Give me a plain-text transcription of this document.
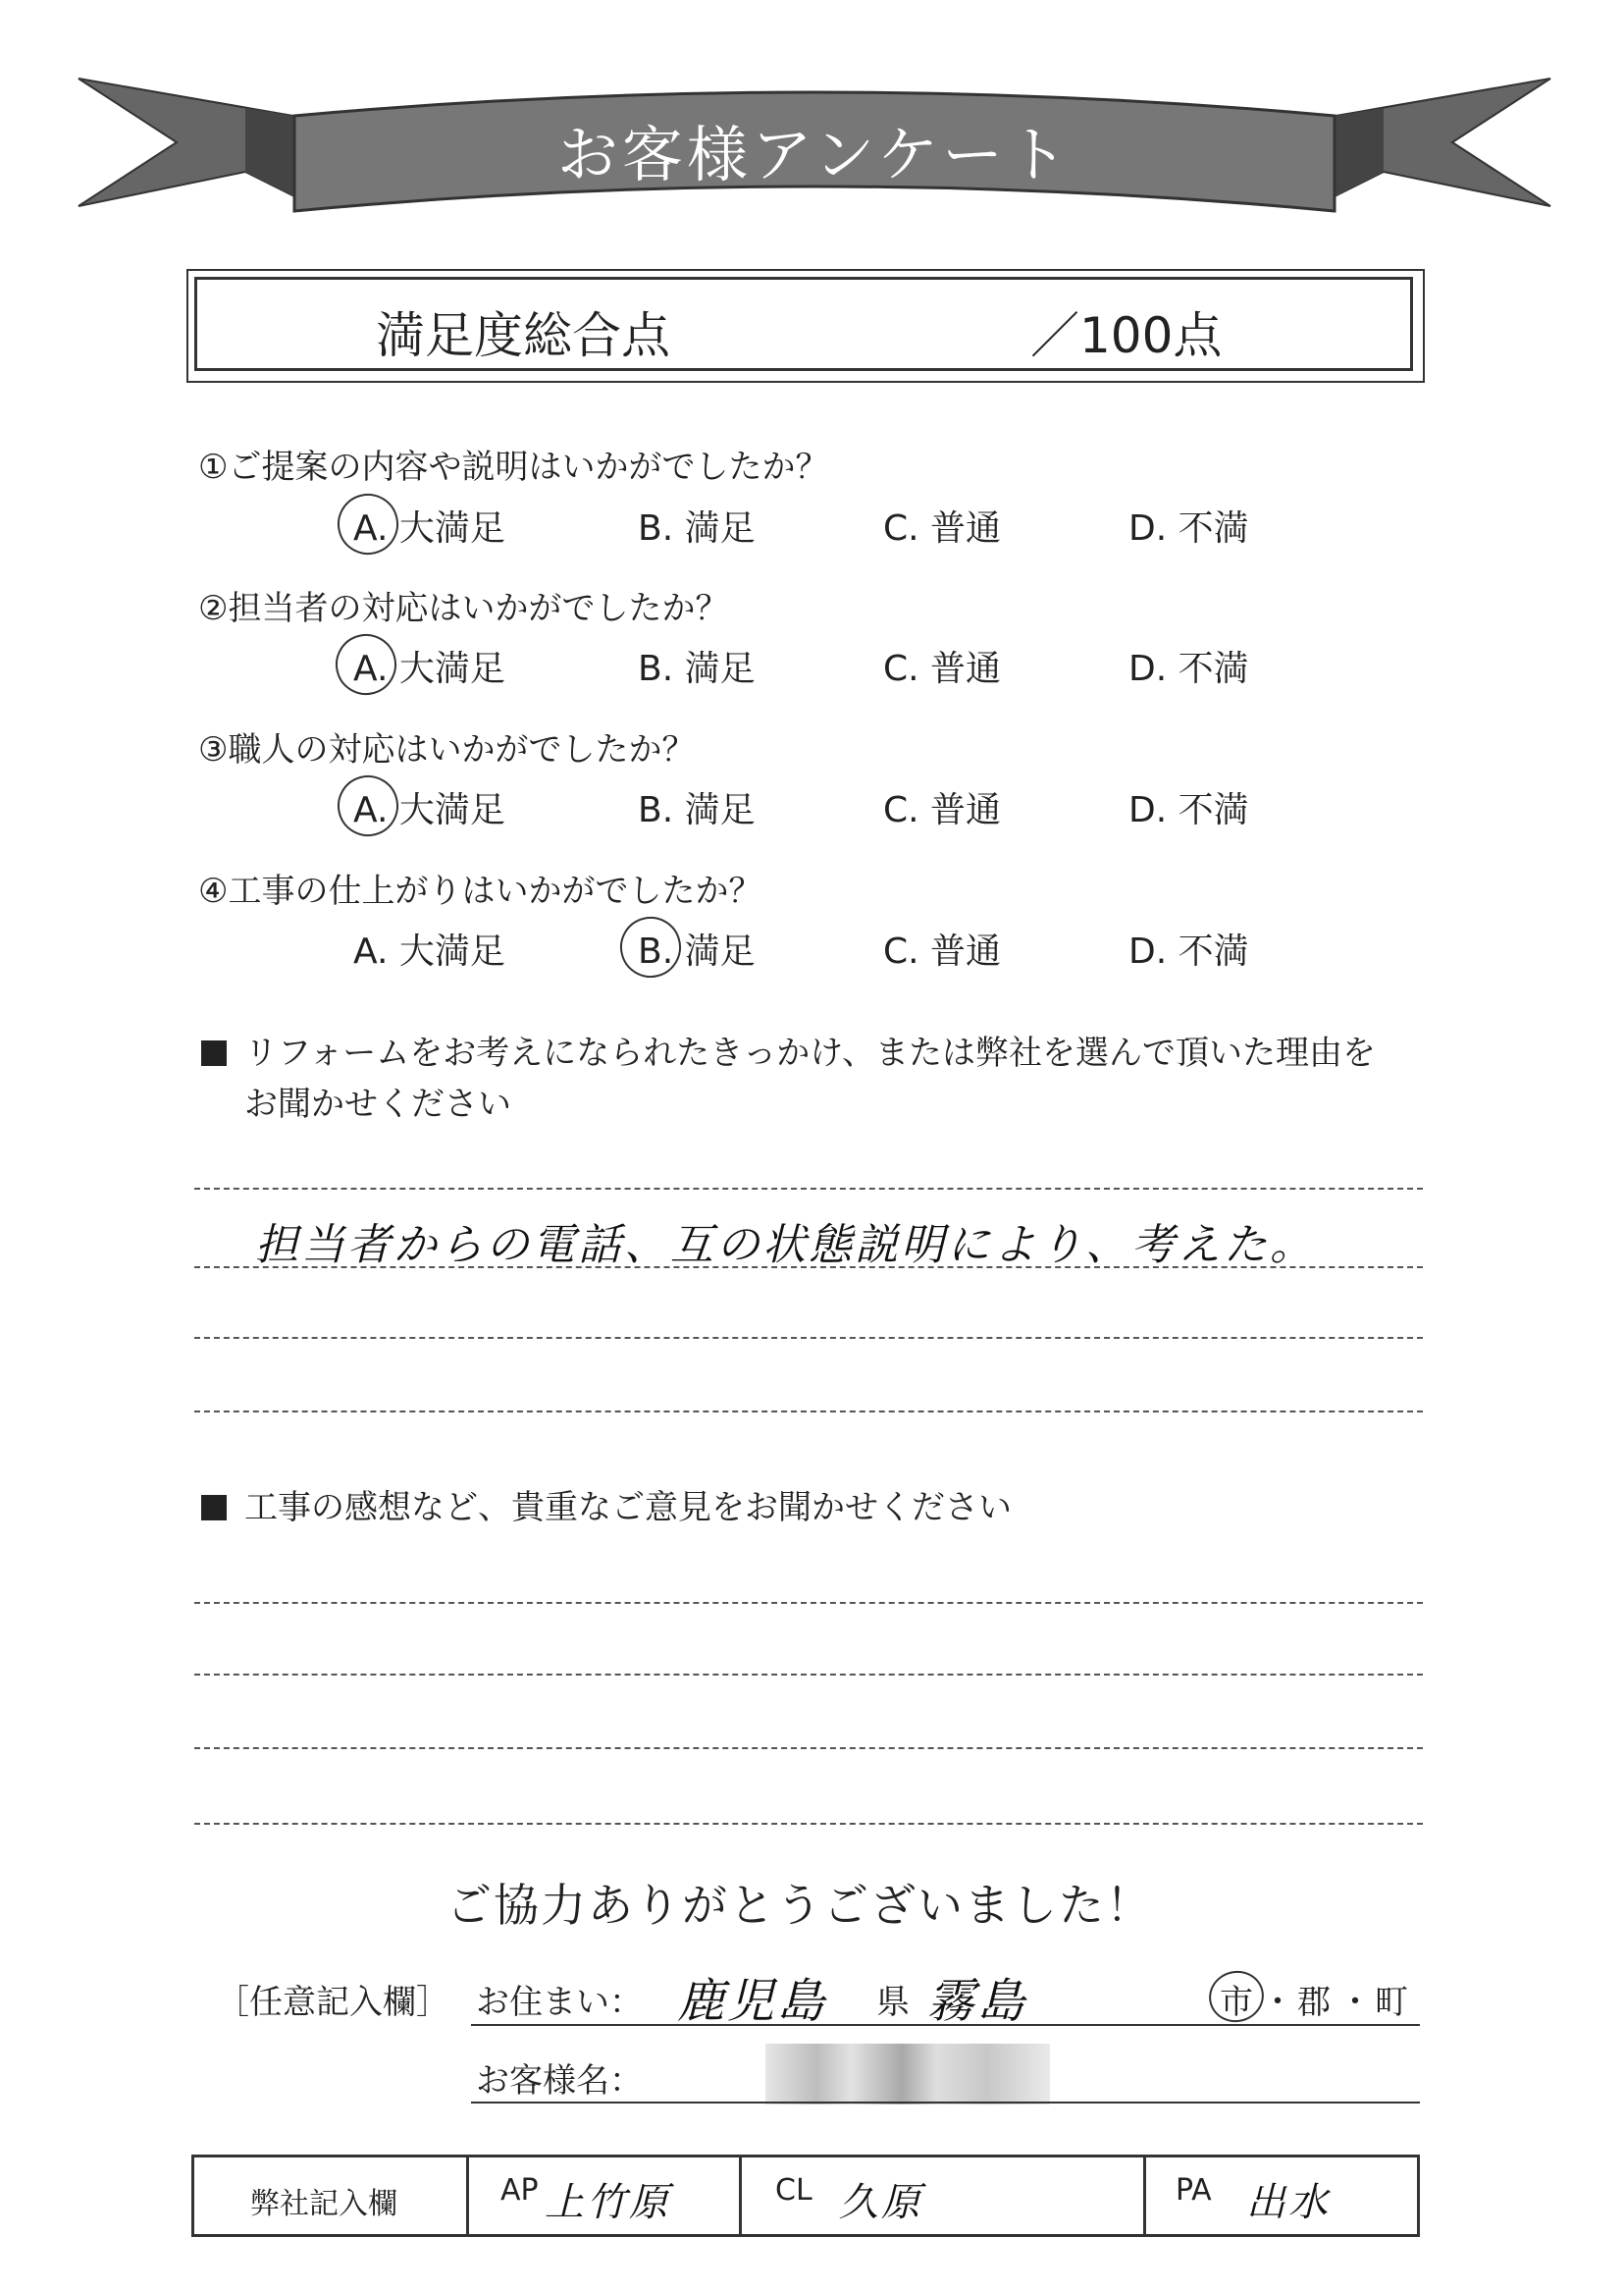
お客様アンケート
満足度総合点	／100点
①ご提案の内容や説明はいかがでしたか？
A. 大満足	B. 満足	C. 普通	D. 不満
②担当者の対応はいかがでしたか？
A. 大満足	B. 満足	C. 普通	D. 不満
③職人の対応はいかがでしたか？
A. 大満足	B. 満足	C. 普通	D. 不満
④工事の仕上がりはいかがでしたか？
A. 大満足	B. 満足	C. 普通	D. 不満
リフォームをお考えになられたきっかけ、または弊社を選んで頂いた理由を
お聞かせください
担当者からの電話、互の状態説明により、考えた。
工事の感想など、貴重なご意見をお聞かせください
ご協力ありがとうございました！
［任意記入欄］ お住まい： 鹿児島 県 霧島	市 ・ 郡 ・ 町
お客様名：
弊社記入欄	AP 上竹原	CL 久原	PA 出水
